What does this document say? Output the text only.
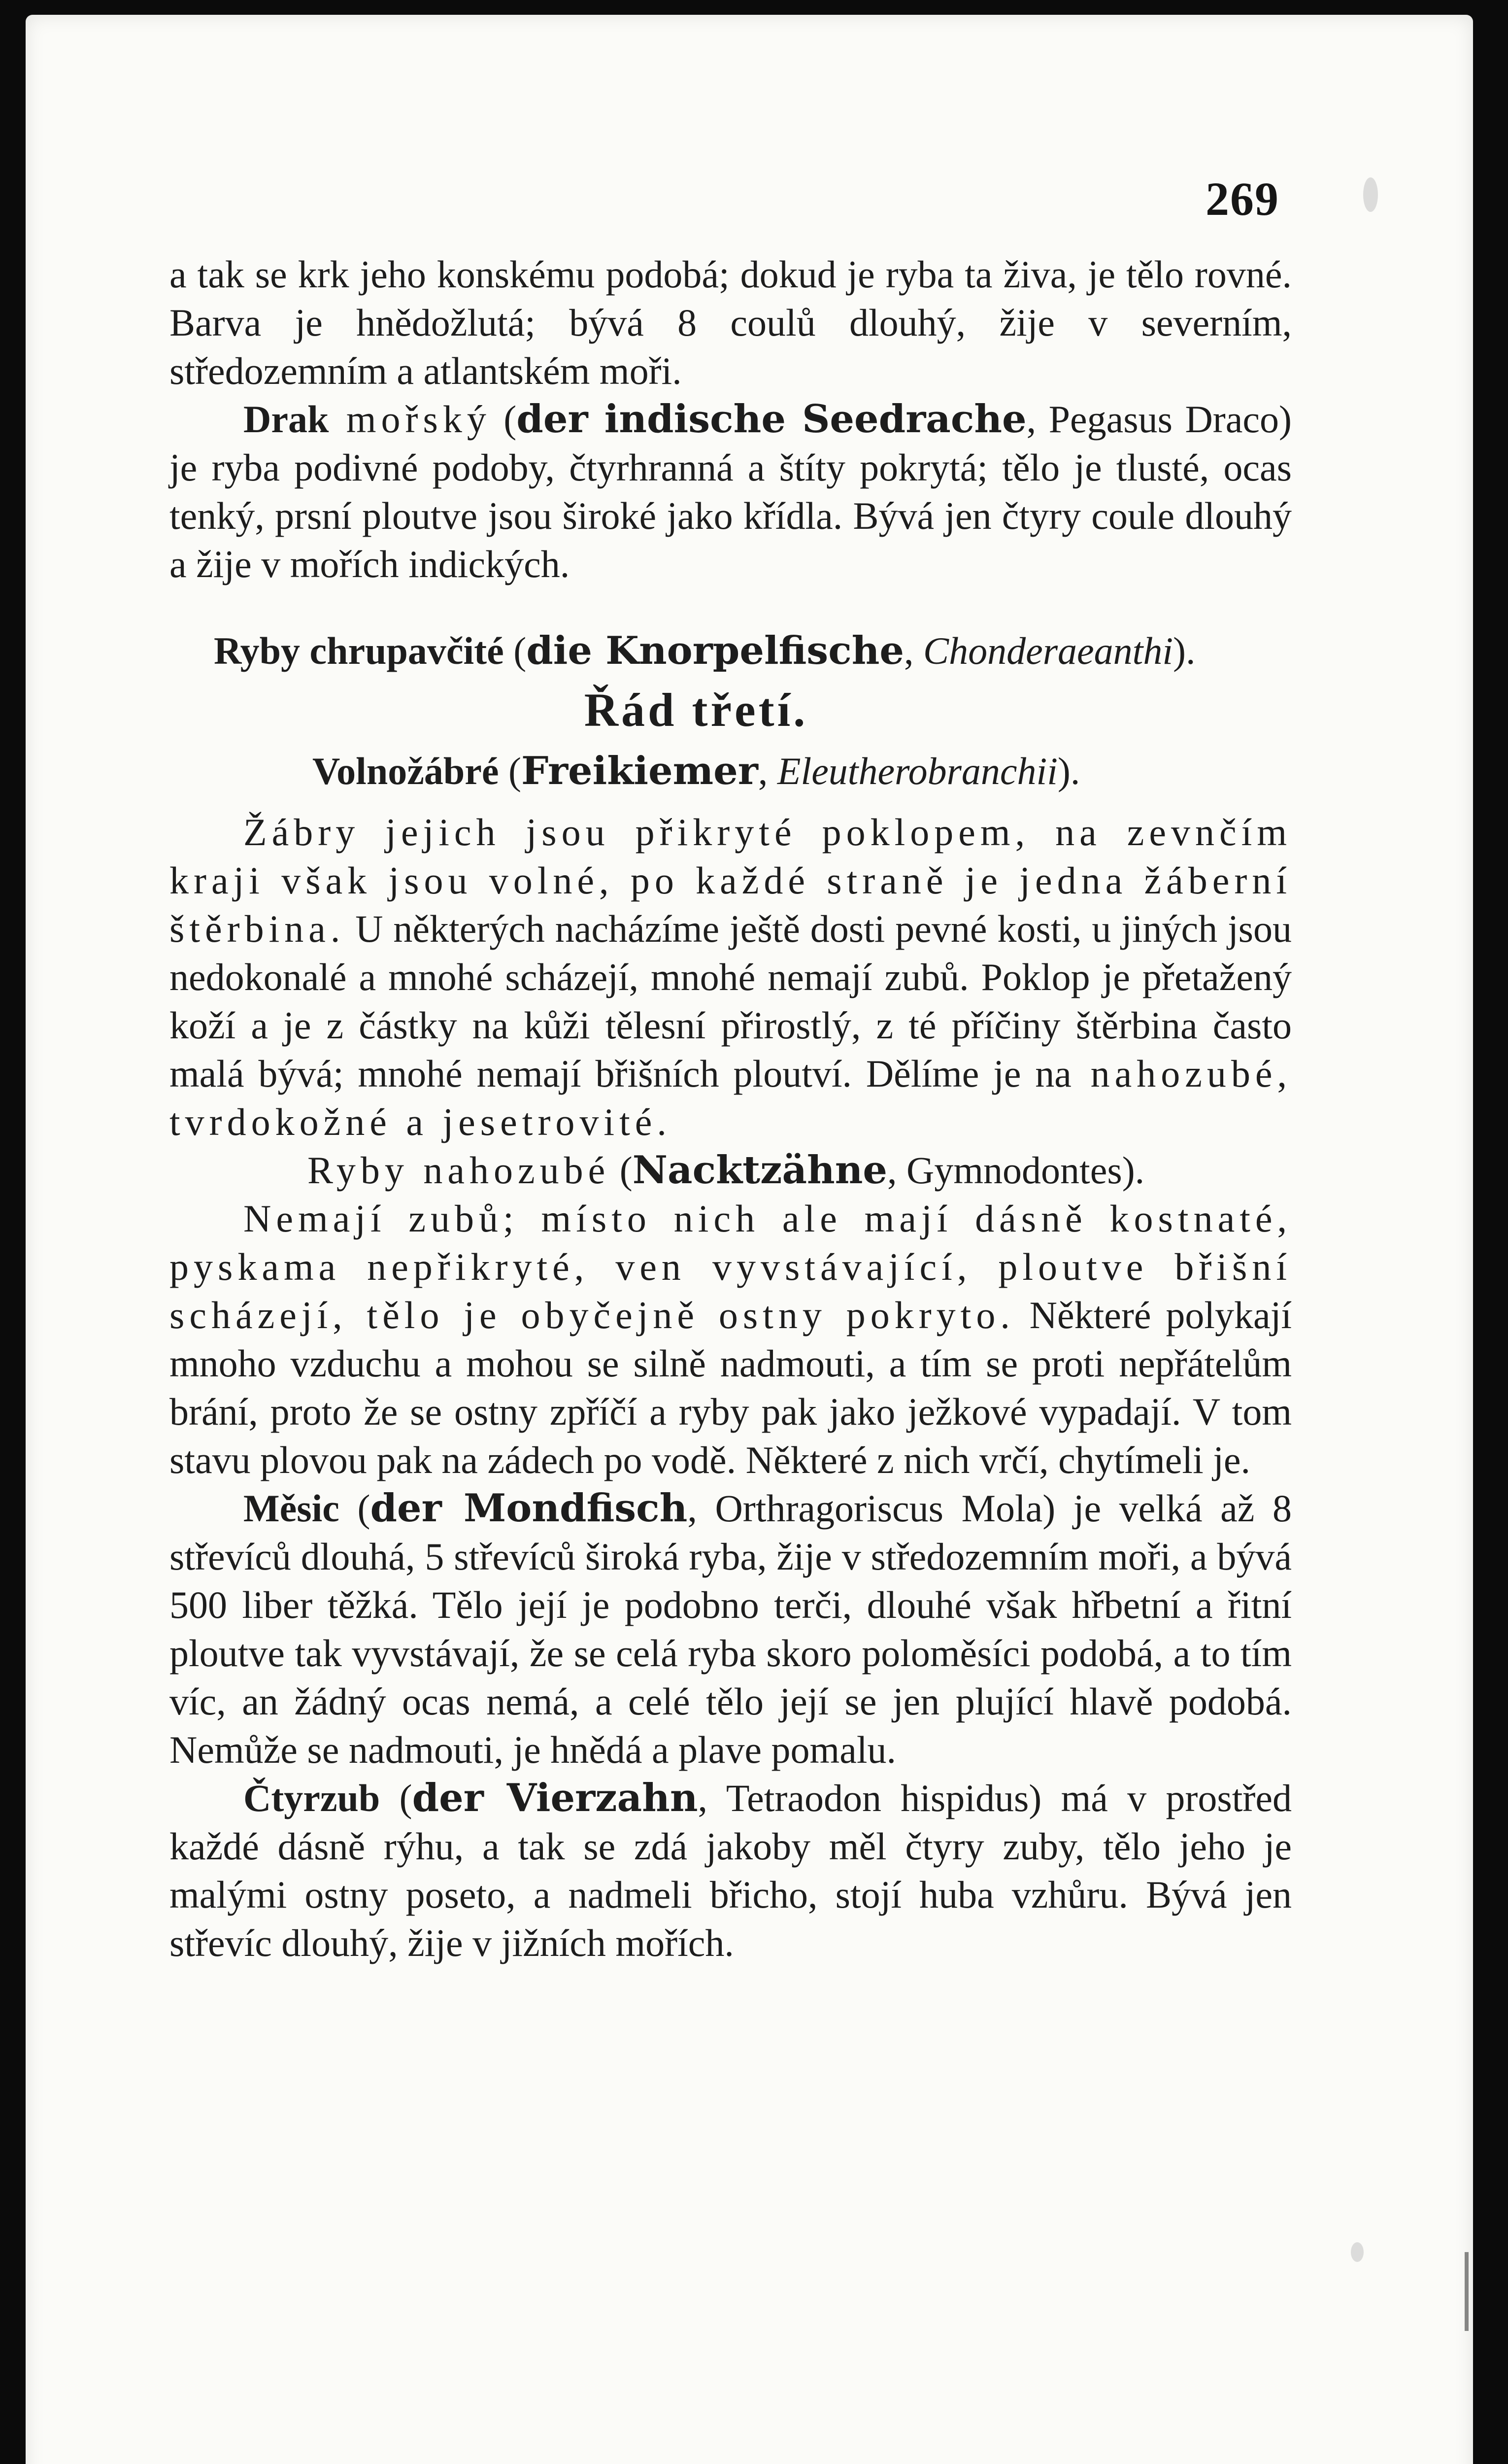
269

a tak se krk jeho konskému podobá; dokud je ryba ta živa, je tělo rovné. Barva je hnědožlutá; bývá 8 coulů dlouhý, žije v severním, středozemním a atlantském moři.

Drak mořský (der indische Seedrache, Pegasus Draco) je ryba podivné podoby, čtyrhranná a štíty pokrytá; tělo je tlusté, ocas tenký, prsní ploutve jsou široké jako křídla. Bývá jen čtyry coule dlouhý a žije v mořích indických.

Ryby chrupavčité (die Knorpelfische, Chonderaeanthi).

Řád třetí.

Volnožábré (Freikiemer, Eleutherobranchii).

Žábry jejich jsou přikryté poklopem, na zevnčím kraji však jsou volné, po každé straně je jedna žáberní štěrbina. U některých nacházíme ještě dosti pevné kosti, u jiných jsou nedokonalé a mnohé scházejí, mnohé nemají zubů. Poklop je přetažený koží a je z částky na kůži tělesní přirostlý, z té příčiny štěrbina často malá bývá; mnohé nemají břišních ploutví. Dělíme je na nahozubé, tvrdokožné a jesetrovité.

Ryby nahozubé (Nacktzähne, Gymnodontes).

Nemají zubů; místo nich ale mají dásně kostnaté, pyskama nepřikryté, ven vyvstávající, ploutve břišní scházejí, tělo je obyčejně ostny pokryto. Některé polykají mnoho vzduchu a mohou se silně nadmouti, a tím se proti nepřátelům brání, proto že se ostny zpříčí a ryby pak jako ježkové vypadají. V tom stavu plovou pak na zádech po vodě. Některé z nich vrčí, chytímeli je.

Měsic (der Mondfisch, Orthragoriscus Mola) je velká až 8 střevíců dlouhá, 5 střevíců široká ryba, žije v středozemním moři, a bývá 500 liber těžká. Tělo její je podobno terči, dlouhé však hřbetní a řitní ploutve tak vyvstávají, že se celá ryba skoro poloměsíci podobá, a to tím víc, an žádný ocas nemá, a celé tělo její se jen plující hlavě podobá. Nemůže se nadmouti, je hnědá a plave pomalu.

Čtyrzub (der Vierzahn, Tetraodon hispidus) má v prostřed každé dásně rýhu, a tak se zdá jakoby měl čtyry zuby, tělo jeho je malými ostny poseto, a nadmeli břicho, stojí huba vzhůru. Bývá jen střevíc dlouhý, žije v jižních mořích.
